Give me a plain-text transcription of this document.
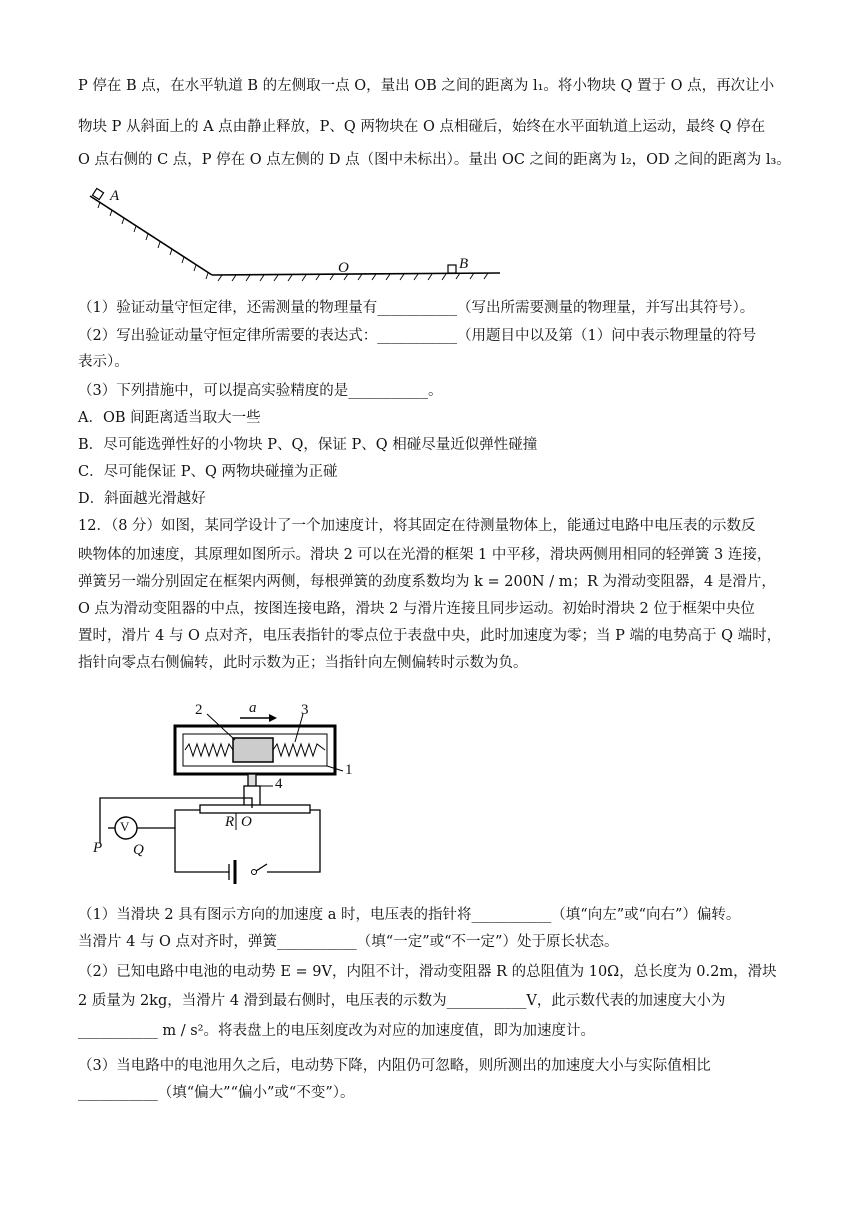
P 停在 B 点，在水平轨道 B 的左侧取一点 O，量出 OB 之间的距离为 l₁。将小物块 Q 置于 O 点，再次让小
物块 P 从斜面上的 A 点由静止释放，P、Q 两物块在 O 点相碰后，始终在水平面轨道上运动，最终 Q 停在
O 点右侧的 C 点，P 停在 O 点左侧的 D 点（图中未标出）。量出 OC 之间的距离为 l₂，OD 之间的距离为 l₃。
A
O	B
（1）验证动量守恒定律，还需测量的物理量有___________（写出所需要测量的物理量，并写出其符号）。
（2）写出验证动量守恒定律所需要的表达式：___________（用题目中以及第（1）问中表示物理量的符号
表示）。
（3）下列措施中，可以提高实验精度的是___________。
A．OB 间距离适当取大一些
B．尽可能选弹性好的小物块 P、Q，保证 P、Q 相碰尽量近似弹性碰撞
C．尽可能保证 P、Q 两物块碰撞为正碰
D．斜面越光滑越好
12．（8 分）如图，某同学设计了一个加速度计，将其固定在待测量物体上，能通过电路中电压表的示数反
映物体的加速度，其原理如图所示。滑块 2 可以在光滑的框架 1 中平移，滑块两侧用相同的轻弹簧 3 连接，
弹簧另一端分别固定在框架内两侧，每根弹簧的劲度系数均为 k = 200N / m；R 为滑动变阻器，4 是滑片，
O 点为滑动变阻器的中点，按图连接电路，滑块 2 与滑片连接且同步运动。初始时滑块 2 位于框架中央位
置时，滑片 4 与 O 点对齐，电压表指针的零点位于表盘中央，此时加速度为零；当 P 端的电势高于 Q 端时，
指针向零点右侧偏转，此时示数为正；当指针向左侧偏转时示数为负。
2	a	3
1
4
V	R O
P Q
（1）当滑块 2 具有图示方向的加速度 a 时，电压表的指针将___________（填“向左”或“向右”）偏转。
当滑片 4 与 O 点对齐时，弹簧___________（填“一定”或“不一定”）处于原长状态。
（2）已知电路中电池的电动势 E = 9V，内阻不计，滑动变阻器 R 的总阻值为 10Ω，总长度为 0.2m，滑块
2 质量为 2kg，当滑片 4 滑到最右侧时，电压表的示数为___________V，此示数代表的加速度大小为
___________ m / s²。将表盘上的电压刻度改为对应的加速度值，即为加速度计。
（3）当电路中的电池用久之后，电动势下降，内阻仍可忽略，则所测出的加速度大小与实际值相比
___________（填“偏大”“偏小”或“不变”）。
